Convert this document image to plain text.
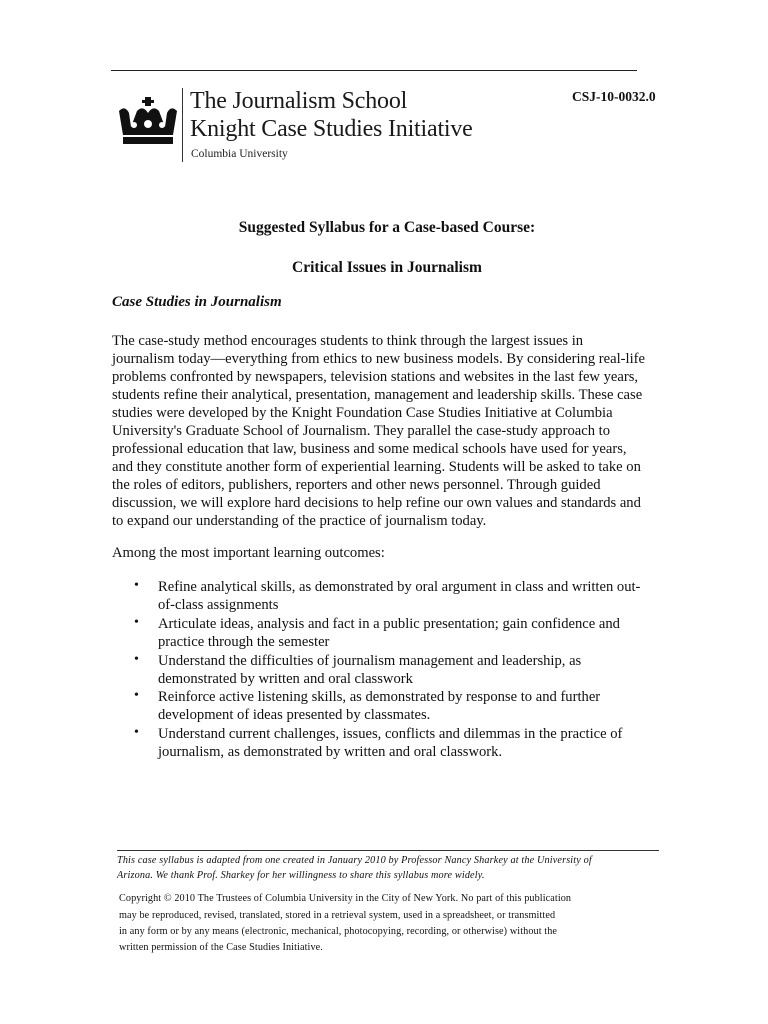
The Journalism School
Knight Case Studies Initiative
Columbia University
CSJ-10-0032.0
Suggested Syllabus for a Case-based Course:
Critical Issues in Journalism
Case Studies in Journalism
The case-study method encourages students to think through the largest issues in
journalism today—everything from ethics to new business models. By considering real-life
problems confronted by newspapers, television stations and websites in the last few years,
students refine their analytical, presentation, management and leadership skills. These case
studies were developed by the Knight Foundation Case Studies Initiative at Columbia
University's Graduate School of Journalism. They parallel the case-study approach to
professional education that law, business and some medical schools have used for years,
and they constitute another form of experiential learning. Students will be asked to take on
the roles of editors, publishers, reporters and other news personnel. Through guided
discussion, we will explore hard decisions to help refine our own values and standards and
to expand our understanding of the practice of journalism today.
Among the most important learning outcomes:
• Refine analytical skills, as demonstrated by oral argument in class and written out-
of-class assignments
• Articulate ideas, analysis and fact in a public presentation; gain confidence and
practice through the semester
• Understand the difficulties of journalism management and leadership, as
demonstrated by written and oral classwork
• Reinforce active listening skills, as demonstrated by response to and further
development of ideas presented by classmates.
• Understand current challenges, issues, conflicts and dilemmas in the practice of
journalism, as demonstrated by written and oral classwork.
This case syllabus is adapted from one created in January 2010 by Professor Nancy Sharkey at the University of
Arizona. We thank Prof. Sharkey for her willingness to share this syllabus more widely.
Copyright © 2010 The Trustees of Columbia University in the City of New York. No part of this publication
may be reproduced, revised, translated, stored in a retrieval system, used in a spreadsheet, or transmitted
in any form or by any means (electronic, mechanical, photocopying, recording, or otherwise) without the
written permission of the Case Studies Initiative.
